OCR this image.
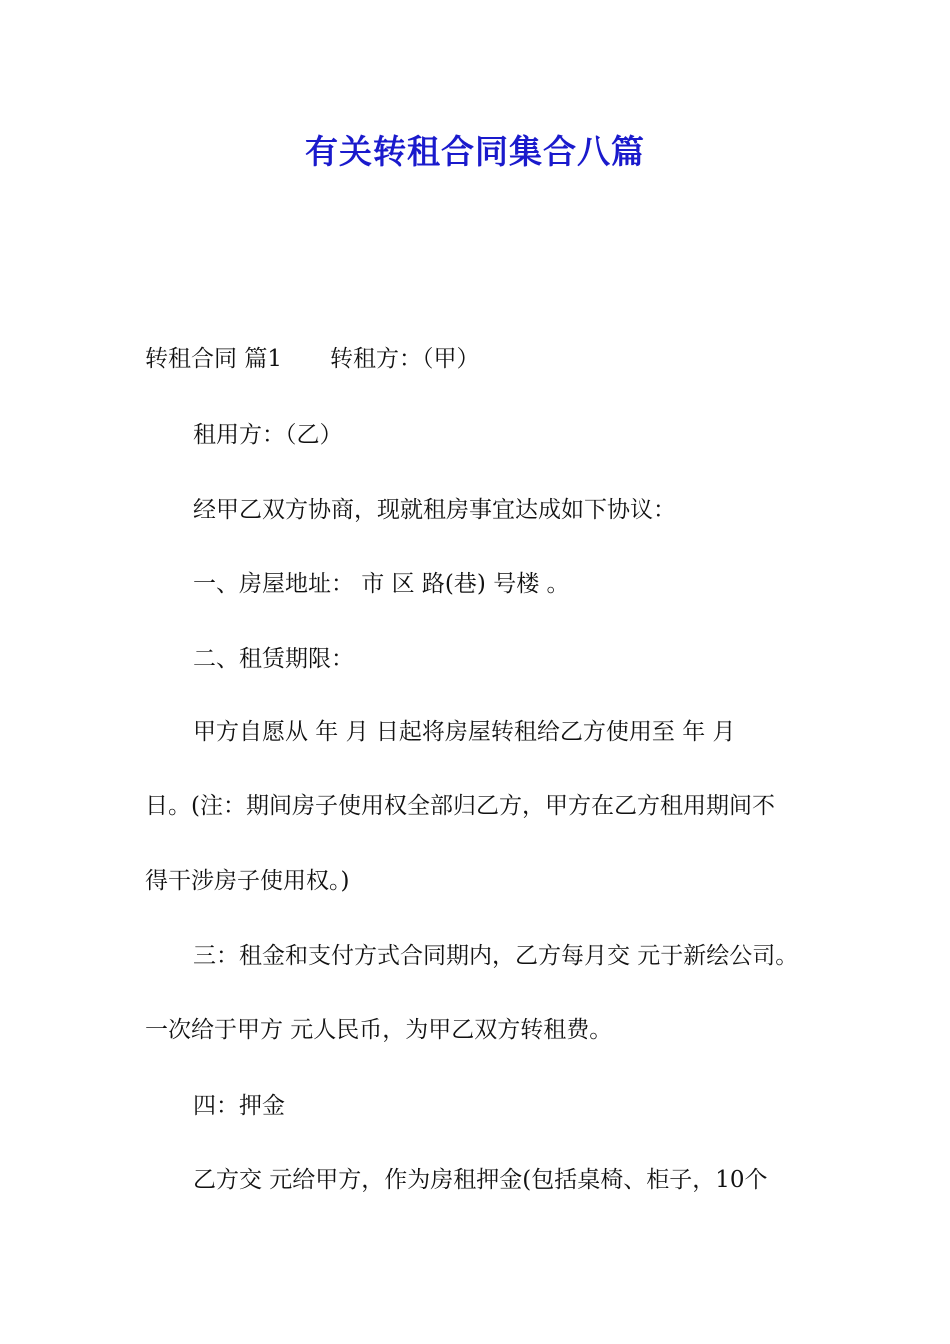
有关转租合同集合八篇

转租合同 篇1 转租方：（甲）

租用方：（乙）

经甲乙双方协商，现就租房事宜达成如下协议：

一、房屋地址： 市 区 路(巷) 号楼 。

二、租赁期限：

甲方自愿从 年 月 日起将房屋转租给乙方使用至 年 月

日。(注：期间房子使用权全部归乙方，甲方在乙方租用期间不

得干涉房子使用权。)

三：租金和支付方式合同期内，乙方每月交 元于新绘公司。

一次给于甲方 元人民币，为甲乙双方转租费。

四：押金

乙方交 元给甲方，作为房租押金(包括桌椅、柜子，10个
